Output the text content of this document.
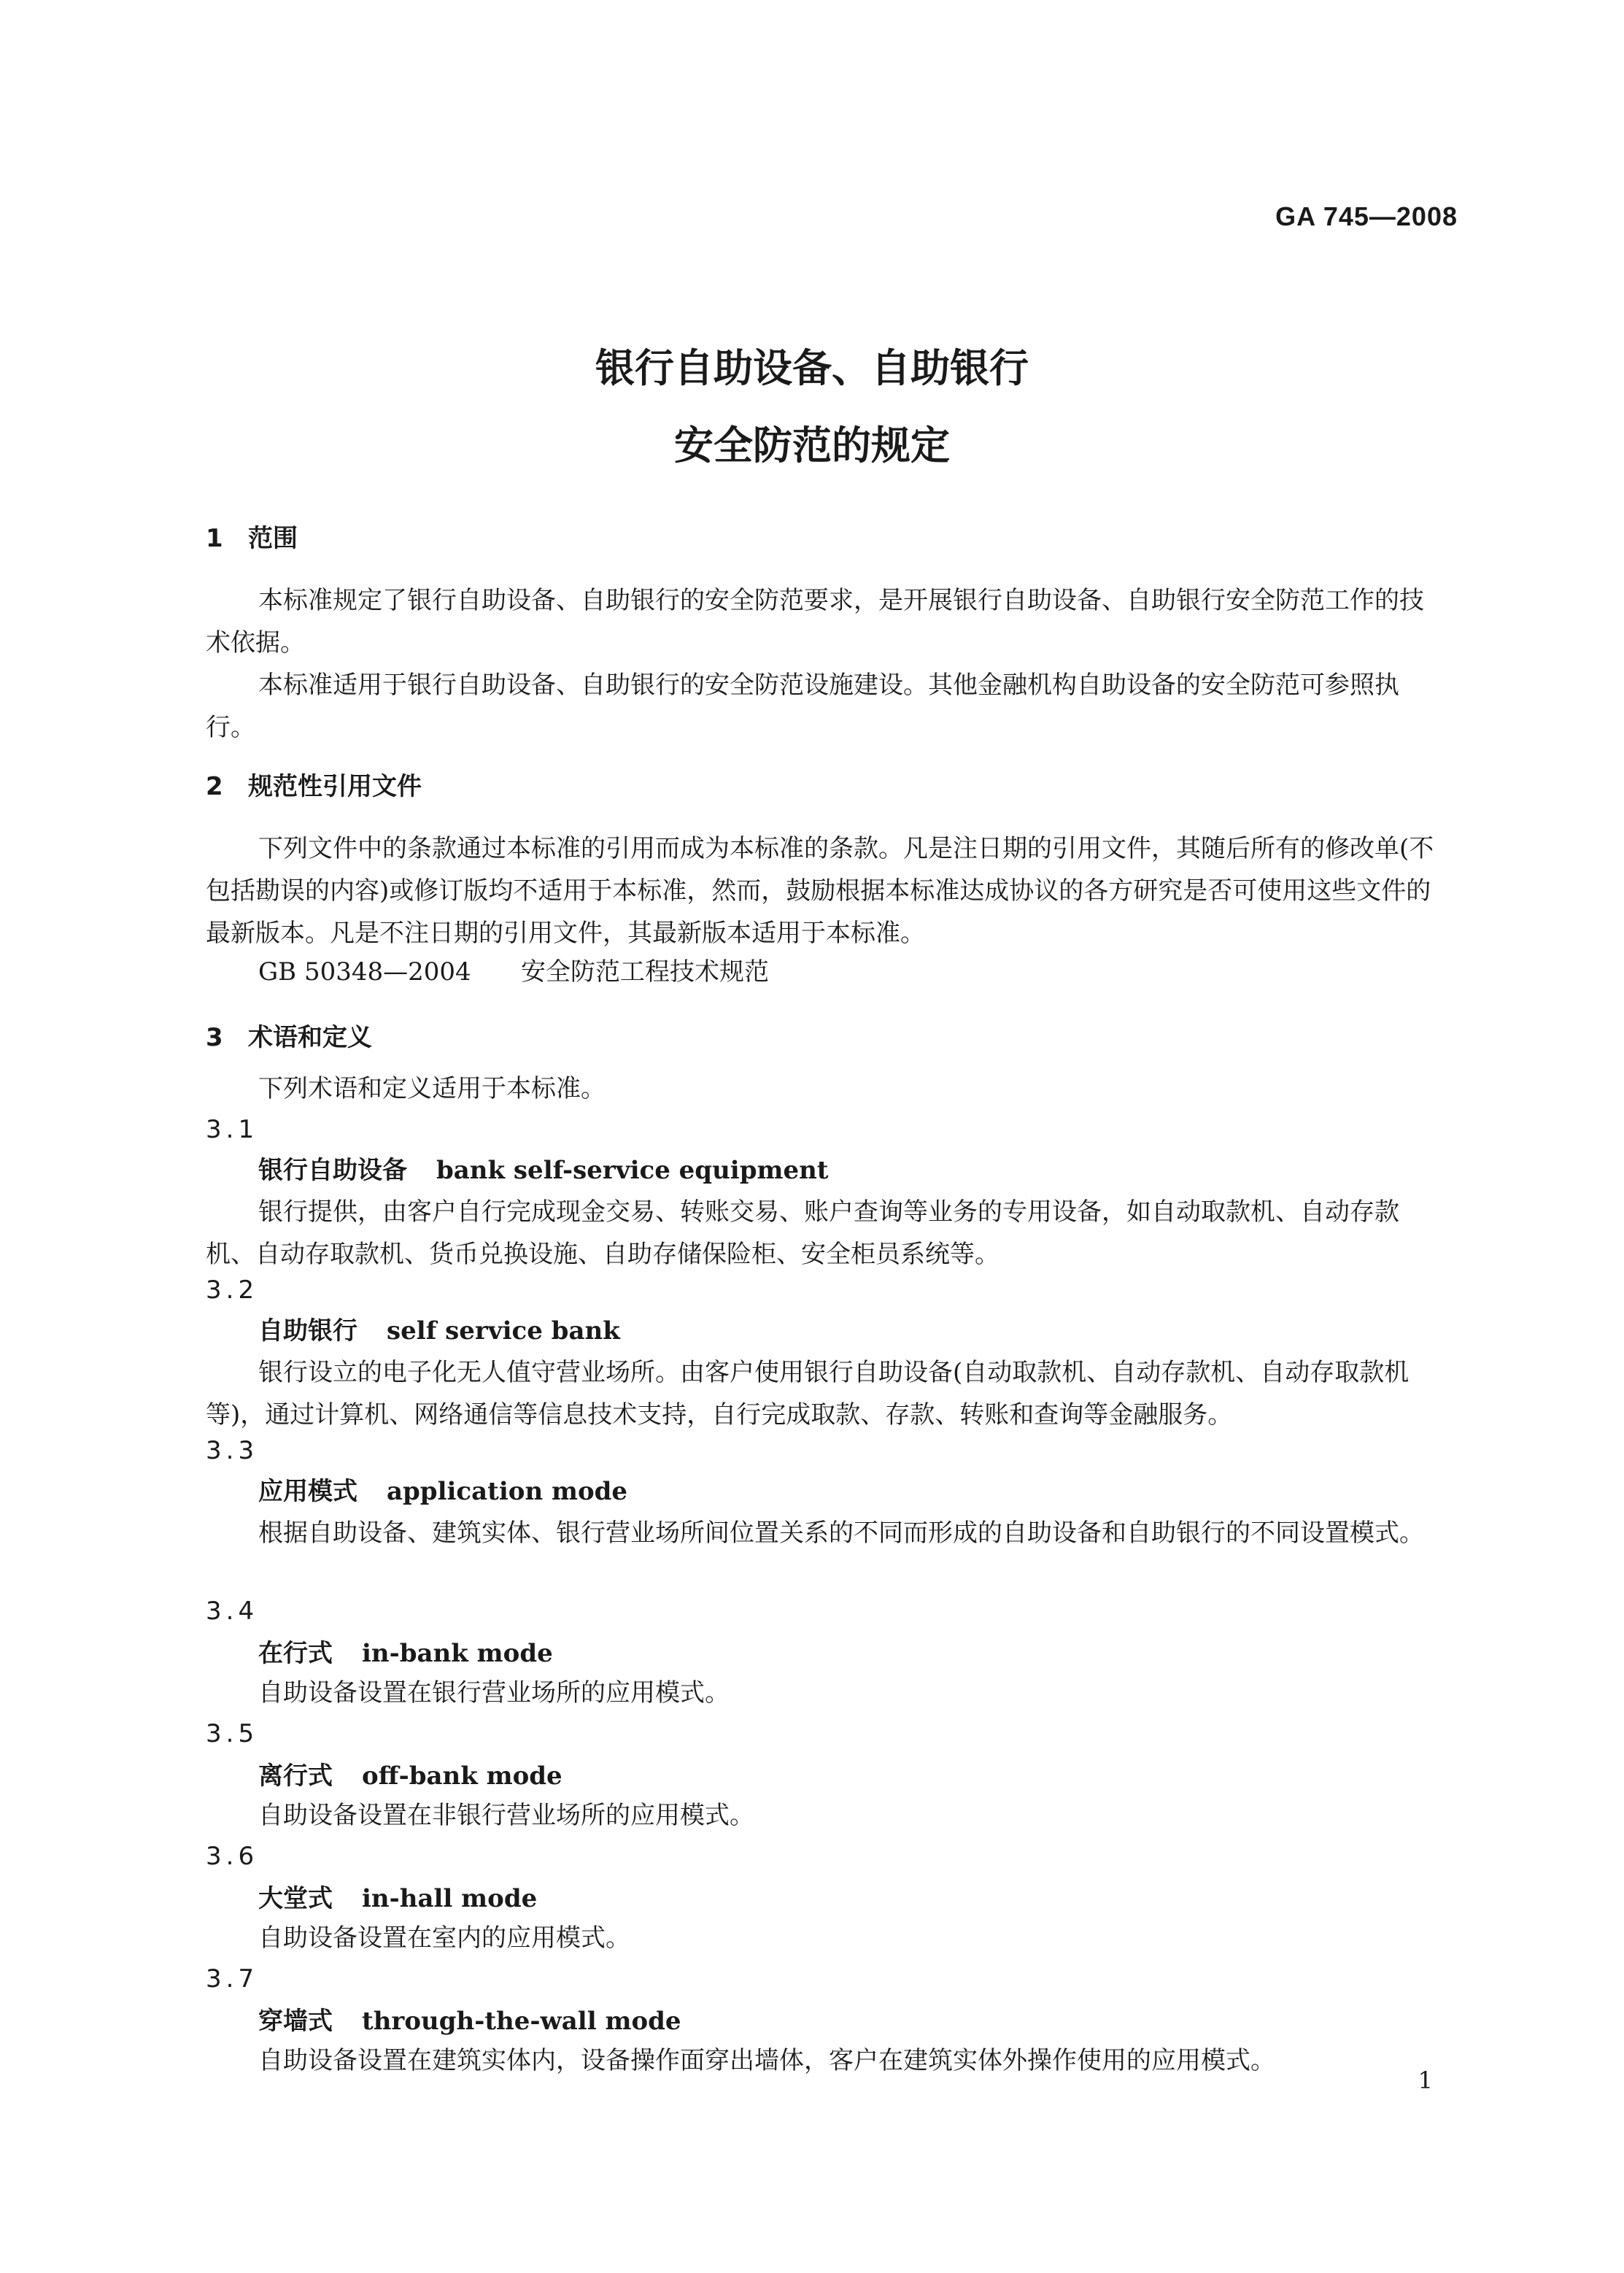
GA 745—2008
银行自助设备、自助银行
安全防范的规定
1 范围
本标准规定了银行自助设备、自助银行的安全防范要求，是开展银行自助设备、自助银行安全防范工作的技术依据。
本标准适用于银行自助设备、自助银行的安全防范设施建设。其他金融机构自助设备的安全防范可参照执行。
2 规范性引用文件
下列文件中的条款通过本标准的引用而成为本标准的条款。凡是注日期的引用文件，其随后所有的修改单(不包括勘误的内容)或修订版均不适用于本标准，然而，鼓励根据本标准达成协议的各方研究是否可使用这些文件的最新版本。凡是不注日期的引用文件，其最新版本适用于本标准。
GB 50348—2004 安全防范工程技术规范
3 术语和定义
下列术语和定义适用于本标准。
3.1
银行自助设备 bank self-service equipment
银行提供，由客户自行完成现金交易、转账交易、账户查询等业务的专用设备，如自动取款机、自动存款机、自动存取款机、货币兑换设施、自助存储保险柜、安全柜员系统等。
3.2
自助银行 self service bank
银行设立的电子化无人值守营业场所。由客户使用银行自助设备(自动取款机、自动存款机、自动存取款机等)，通过计算机、网络通信等信息技术支持，自行完成取款、存款、转账和查询等金融服务。
3.3
应用模式 application mode
根据自助设备、建筑实体、银行营业场所间位置关系的不同而形成的自助设备和自助银行的不同设置模式。
3.4
在行式 in-bank mode
自助设备设置在银行营业场所的应用模式。
3.5
离行式 off-bank mode
自助设备设置在非银行营业场所的应用模式。
3.6
大堂式 in-hall mode
自助设备设置在室内的应用模式。
3.7
穿墙式 through-the-wall mode
自助设备设置在建筑实体内，设备操作面穿出墙体，客户在建筑实体外操作使用的应用模式。
1
